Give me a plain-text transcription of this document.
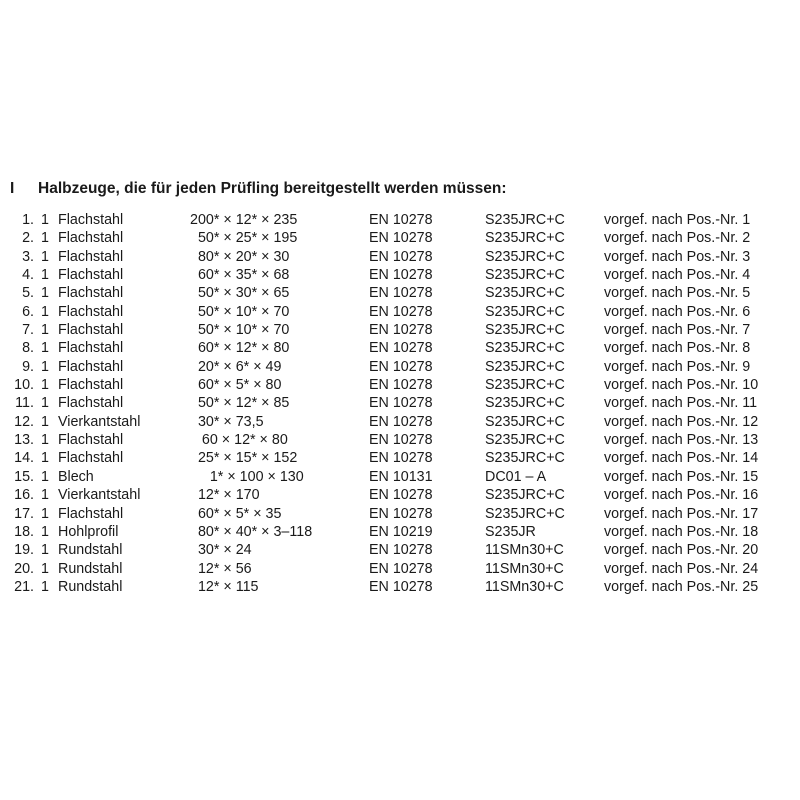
I	Halbzeuge, die für jeden Prüfling bereitgestellt werden müssen:
1. 1 Flachstahl	200* × 12* × 235	EN 10278	S235JRC+C	vorgef. nach Pos.-Nr. 1
2. 1 Flachstahl	50* × 25* × 195	EN 10278	S235JRC+C	vorgef. nach Pos.-Nr. 2
3. 1 Flachstahl	80* × 20* × 30	EN 10278	S235JRC+C	vorgef. nach Pos.-Nr. 3
4. 1 Flachstahl	60* × 35* × 68	EN 10278	S235JRC+C	vorgef. nach Pos.-Nr. 4
5. 1 Flachstahl	50* × 30* × 65	EN 10278	S235JRC+C	vorgef. nach Pos.-Nr. 5
6. 1 Flachstahl	50* × 10* × 70	EN 10278	S235JRC+C	vorgef. nach Pos.-Nr. 6
7. 1 Flachstahl	50* × 10* × 70	EN 10278	S235JRC+C	vorgef. nach Pos.-Nr. 7
8. 1 Flachstahl	60* × 12* × 80	EN 10278	S235JRC+C	vorgef. nach Pos.-Nr. 8
9. 1 Flachstahl	20* × 6* × 49	EN 10278	S235JRC+C	vorgef. nach Pos.-Nr. 9
10. 1 Flachstahl	60* × 5* × 80	EN 10278	S235JRC+C	vorgef. nach Pos.-Nr. 10
11. 1 Flachstahl	50* × 12* × 85	EN 10278	S235JRC+C	vorgef. nach Pos.-Nr. 11
12. 1 Vierkantstahl	30* × 73,5	EN 10278	S235JRC+C	vorgef. nach Pos.-Nr. 12
13. 1 Flachstahl	60 × 12* × 80	EN 10278	S235JRC+C	vorgef. nach Pos.-Nr. 13
14. 1 Flachstahl	25* × 15* × 152	EN 10278	S235JRC+C	vorgef. nach Pos.-Nr. 14
15. 1 Blech	1* × 100 × 130	EN 10131	DC01 – A	vorgef. nach Pos.-Nr. 15
16. 1 Vierkantstahl	12* × 170	EN 10278	S235JRC+C	vorgef. nach Pos.-Nr. 16
17. 1 Flachstahl	60* × 5* × 35	EN 10278	S235JRC+C	vorgef. nach Pos.-Nr. 17
18. 1 Hohlprofil	80* × 40* × 3–118	EN 10219	S235JR	vorgef. nach Pos.-Nr. 18
19. 1 Rundstahl	30* × 24	EN 10278	11SMn30+C	vorgef. nach Pos.-Nr. 20
20. 1 Rundstahl	12* × 56	EN 10278	11SMn30+C	vorgef. nach Pos.-Nr. 24
21. 1 Rundstahl	12* × 115	EN 10278	11SMn30+C	vorgef. nach Pos.-Nr. 25
